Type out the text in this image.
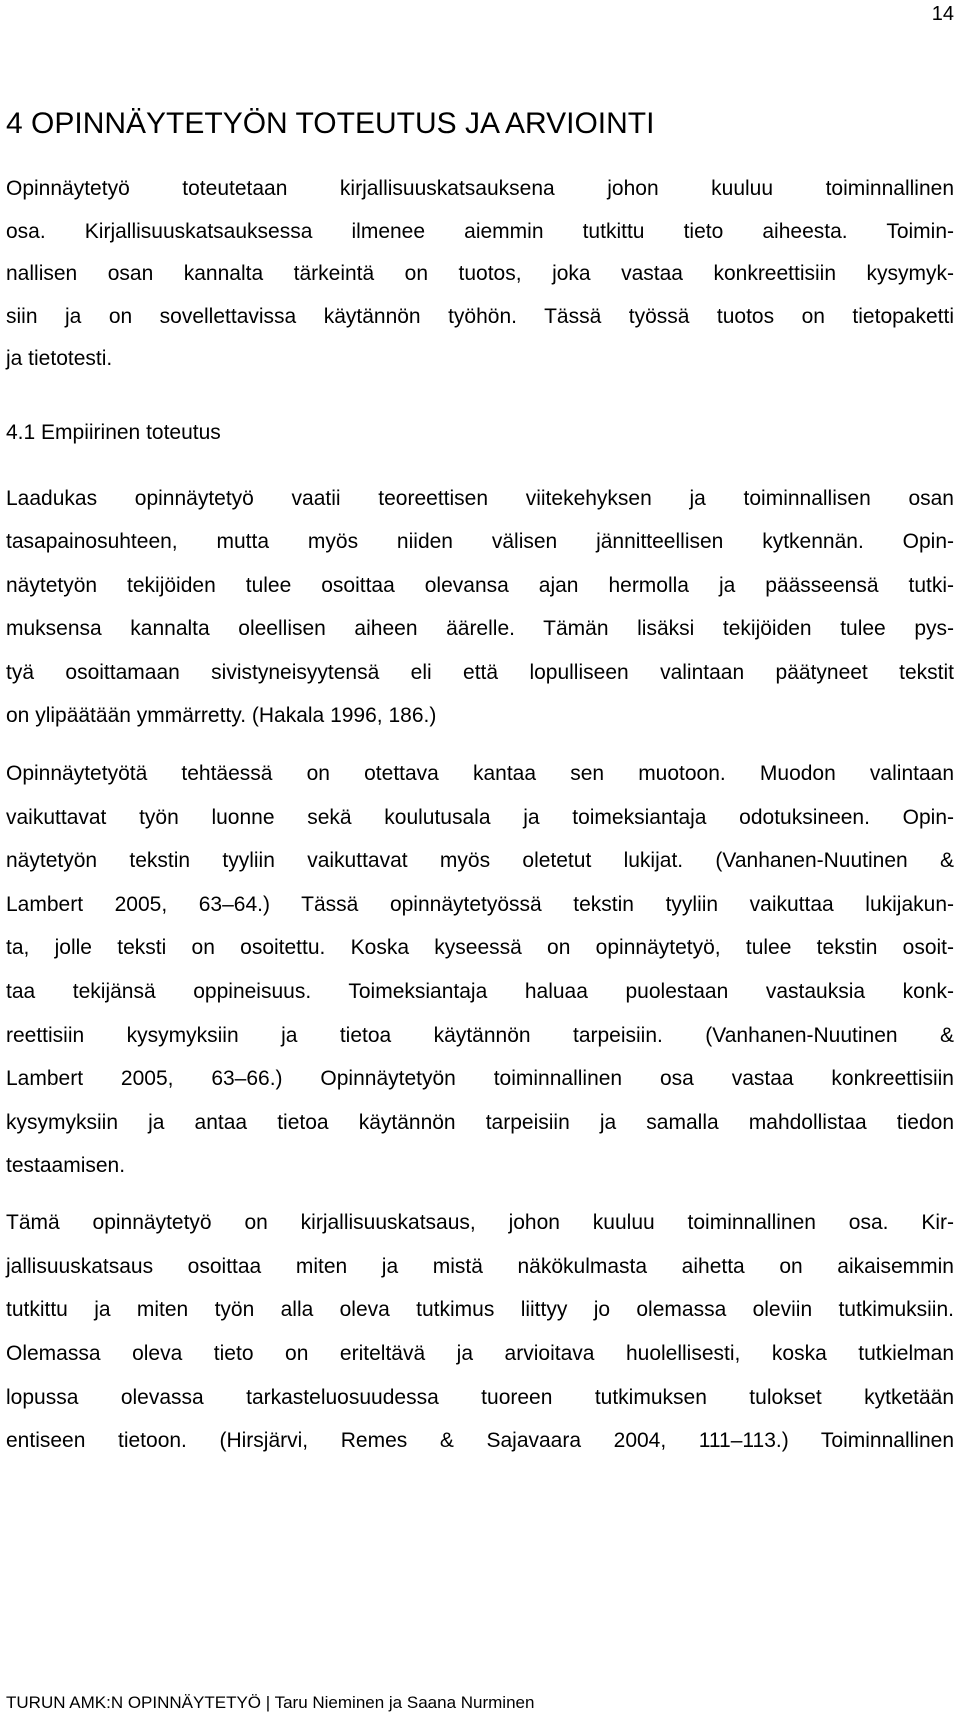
14
4 OPINNÄYTETYÖN TOTEUTUS JA ARVIOINTI
Opinnäytetyö toteutetaan kirjallisuuskatsauksena johon kuuluu toiminnallinen
osa. Kirjallisuuskatsauksessa ilmenee aiemmin tutkittu tieto aiheesta. Toimin-
nallisen osan kannalta tärkeintä on tuotos, joka vastaa konkreettisiin kysymyk-
siin ja on sovellettavissa käytännön työhön. Tässä työssä tuotos on tietopaketti
ja tietotesti.
4.1 Empiirinen toteutus
Laadukas opinnäytetyö vaatii teoreettisen viitekehyksen ja toiminnallisen osan
tasapainosuhteen, mutta myös niiden välisen jännitteellisen kytkennän. Opin-
näytetyön tekijöiden tulee osoittaa olevansa ajan hermolla ja päässeensä tutki-
muksensa kannalta oleellisen aiheen äärelle. Tämän lisäksi tekijöiden tulee pys-
tyä osoittamaan sivistyneisyytensä eli että lopulliseen valintaan päätyneet tekstit
on ylipäätään ymmärretty. (Hakala 1996, 186.)
Opinnäytetyötä tehtäessä on otettava kantaa sen muotoon. Muodon valintaan
vaikuttavat työn luonne sekä koulutusala ja toimeksiantaja odotuksineen. Opin-
näytetyön tekstin tyyliin vaikuttavat myös oletetut lukijat. (Vanhanen-Nuutinen &
Lambert 2005, 63–64.) Tässä opinnäytetyössä tekstin tyyliin vaikuttaa lukijakun-
ta, jolle teksti on osoitettu. Koska kyseessä on opinnäytetyö, tulee tekstin osoit-
taa tekijänsä oppineisuus. Toimeksiantaja haluaa puolestaan vastauksia konk-
reettisiin kysymyksiin ja tietoa käytännön tarpeisiin. (Vanhanen-Nuutinen &
Lambert 2005, 63–66.) Opinnäytetyön toiminnallinen osa vastaa konkreettisiin
kysymyksiin ja antaa tietoa käytännön tarpeisiin ja samalla mahdollistaa tiedon
testaamisen.
Tämä opinnäytetyö on kirjallisuuskatsaus, johon kuuluu toiminnallinen osa. Kir-
jallisuuskatsaus osoittaa miten ja mistä näkökulmasta aihetta on aikaisemmin
tutkittu ja miten työn alla oleva tutkimus liittyy jo olemassa oleviin tutkimuksiin.
Olemassa oleva tieto on eriteltävä ja arvioitava huolellisesti, koska tutkielman
lopussa olevassa tarkasteluosuudessa tuoreen tutkimuksen tulokset kytketään
entiseen tietoon. (Hirsjärvi, Remes & Sajavaara 2004, 111–113.) Toiminnallinen
TURUN AMK:N OPINNÄYTETYÖ | Taru Nieminen ja Saana Nurminen
